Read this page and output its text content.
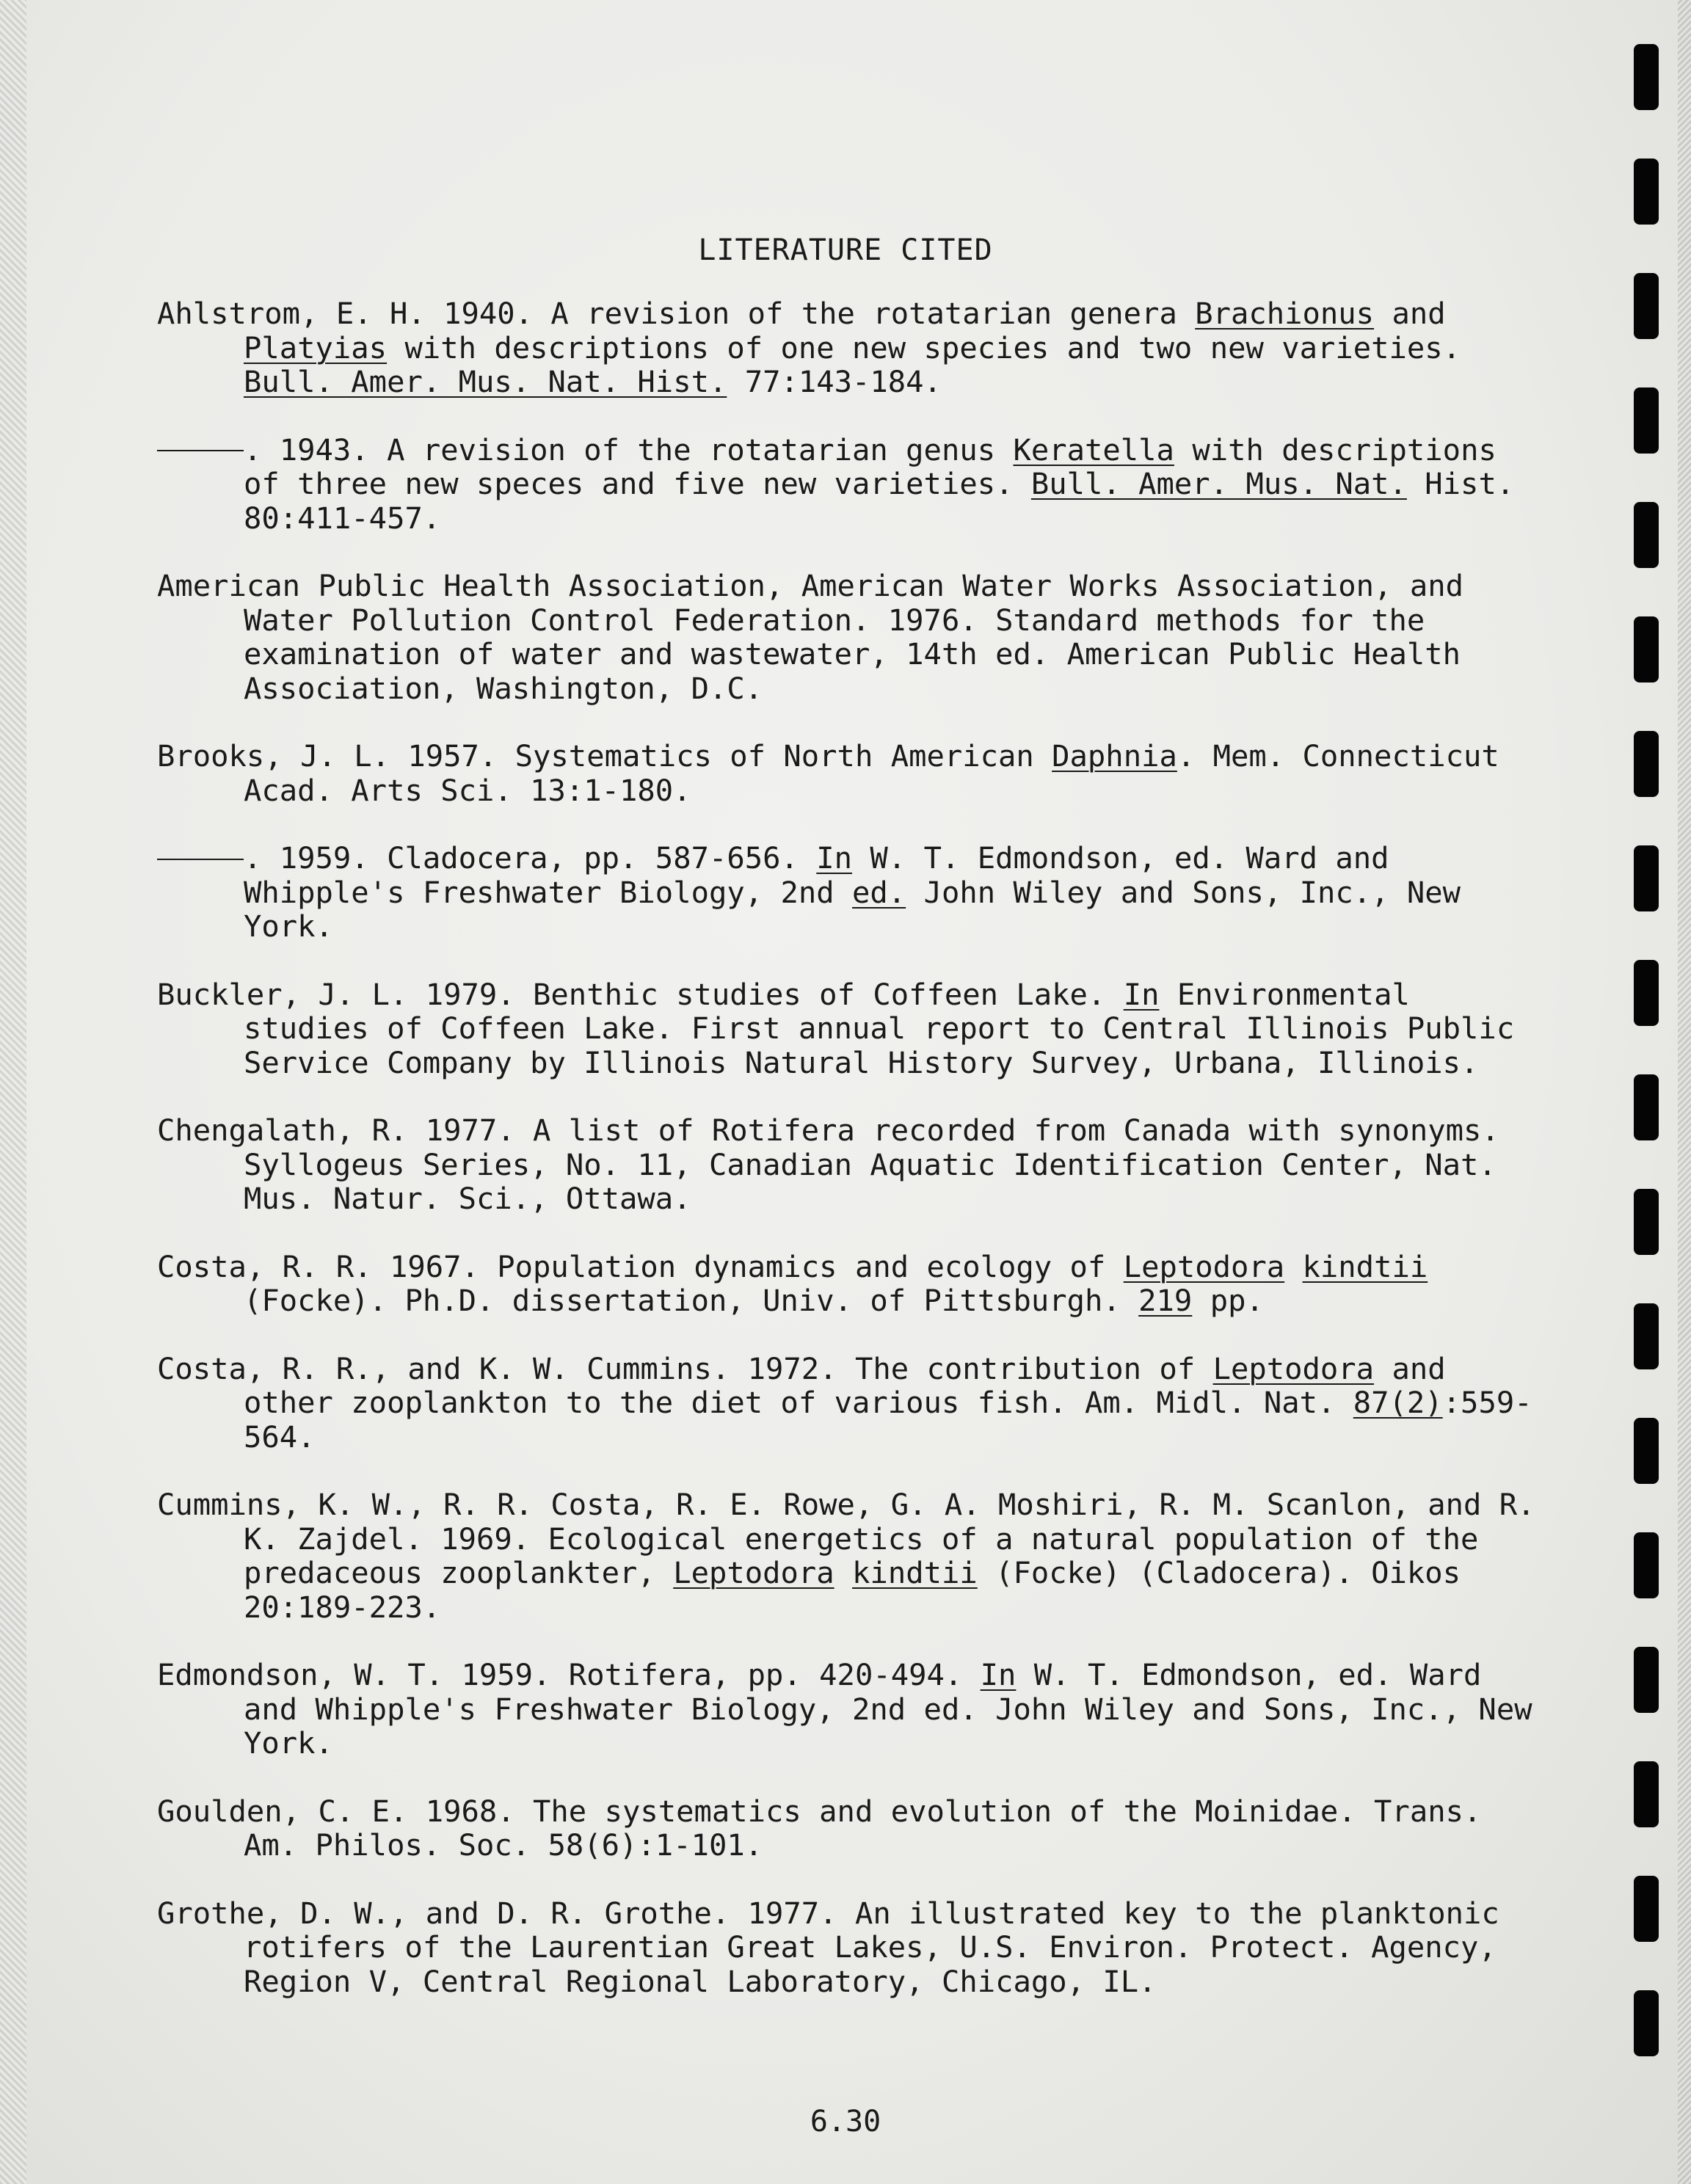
LITERATURE CITED
Ahlstrom, E. H. 1940. A revision of the rotatarian genera Brachionus and Platyias with descriptions of one new species and two new varieties. Bull. Amer. Mus. Nat. Hist. 77:143-184.
. 1943. A revision of the rotatarian genus Keratella with descriptions of three new speces and five new varieties. Bull. Amer. Mus. Nat. Hist. 80:411-457.
American Public Health Association, American Water Works Association, and Water Pollution Control Federation. 1976. Standard methods for the examination of water and wastewater, 14th ed. American Public Health Association, Washington, D.C.
Brooks, J. L. 1957. Systematics of North American Daphnia. Mem. Connecticut Acad. Arts Sci. 13:1-180.
. 1959. Cladocera, pp. 587-656. In W. T. Edmondson, ed. Ward and Whipple's Freshwater Biology, 2nd ed. John Wiley and Sons, Inc., New York.
Buckler, J. L. 1979. Benthic studies of Coffeen Lake. In Environmental studies of Coffeen Lake. First annual report to Central Illinois Public Service Company by Illinois Natural History Survey, Urbana, Illinois.
Chengalath, R. 1977. A list of Rotifera recorded from Canada with synonyms. Syllogeus Series, No. 11, Canadian Aquatic Identification Center, Nat. Mus. Natur. Sci., Ottawa.
Costa, R. R. 1967. Population dynamics and ecology of Leptodora kindtii (Focke). Ph.D. dissertation, Univ. of Pittsburgh. 219 pp.
Costa, R. R., and K. W. Cummins. 1972. The contribution of Leptodora and other zooplankton to the diet of various fish. Am. Midl. Nat. 87(2):559-564.
Cummins, K. W., R. R. Costa, R. E. Rowe, G. A. Moshiri, R. M. Scanlon, and R. K. Zajdel. 1969. Ecological energetics of a natural population of the predaceous zooplankter, Leptodora kindtii (Focke) (Cladocera). Oikos 20:189-223.
Edmondson, W. T. 1959. Rotifera, pp. 420-494. In W. T. Edmondson, ed. Ward and Whipple's Freshwater Biology, 2nd ed. John Wiley and Sons, Inc., New York.
Goulden, C. E. 1968. The systematics and evolution of the Moinidae. Trans. Am. Philos. Soc. 58(6):1-101.
Grothe, D. W., and D. R. Grothe. 1977. An illustrated key to the planktonic rotifers of the Laurentian Great Lakes, U.S. Environ. Protect. Agency, Region V, Central Regional Laboratory, Chicago, IL.
6.30
